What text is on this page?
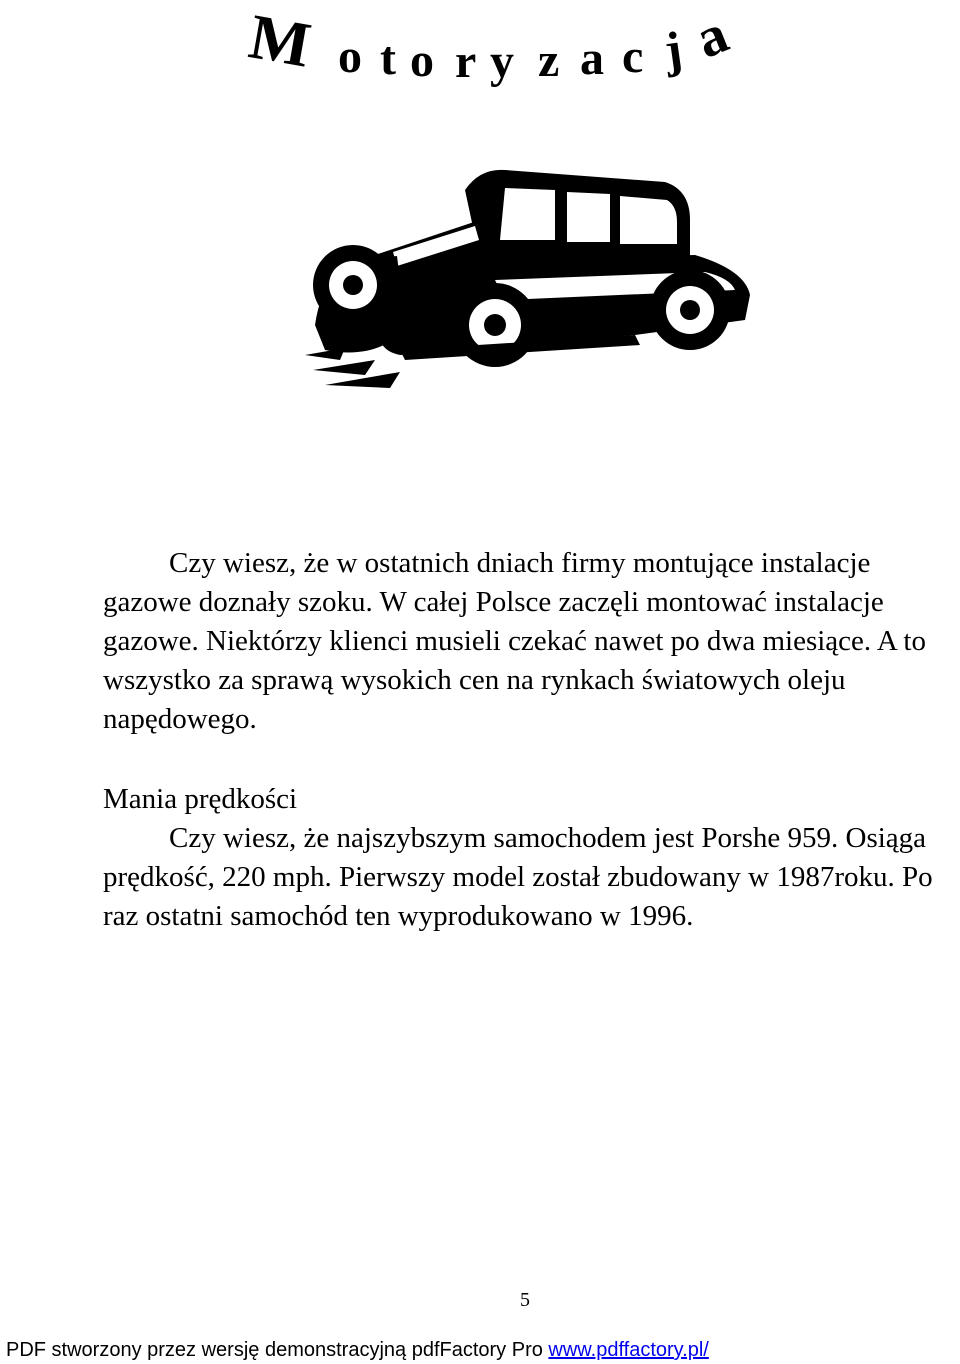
M o t o r y z a c j a
Czy wiesz, że w ostatnich dniach firmy montujące instalacje gazowe doznały szoku. W całej Polsce zaczęli montować instalacje gazowe. Niektórzy klienci musieli czekać nawet po dwa miesiące. A to wszystko za sprawą wysokich cen na rynkach światowych oleju napędowego.
Mania prędkości
Czy wiesz, że najszybszym samochodem jest Porshe 959. Osiąga prędkość, 220 mph. Pierwszy model został zbudowany w 1987roku. Po raz ostatni samochód ten wyprodukowano w 1996.
5
PDF stworzony przez wersję demonstracyjną pdfFactory Pro www.pdffactory.pl/
